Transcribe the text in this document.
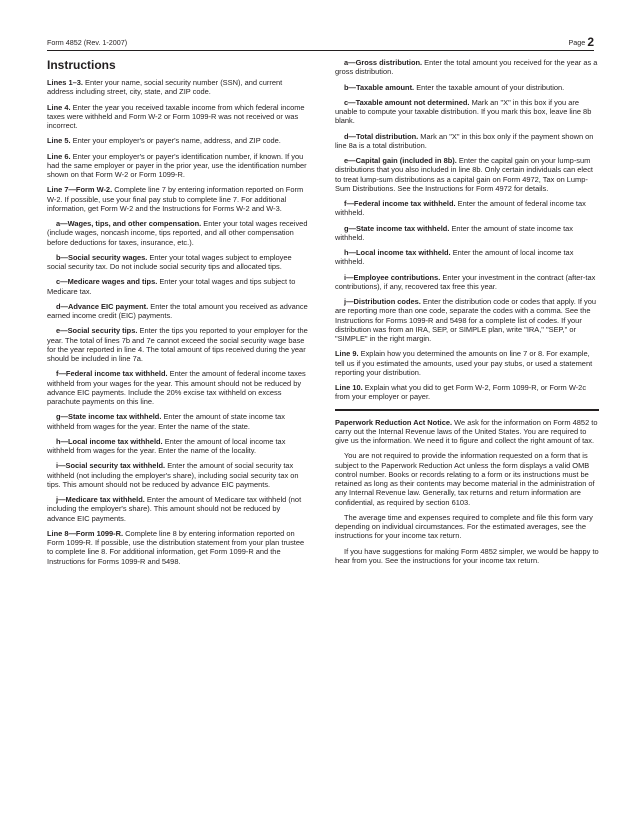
Form 4852 (Rev. 1-2007)	Page 2
Instructions

Lines 1–3. Enter your name, social security number (SSN), and current address including street, city, state, and ZIP code.

Line 4. Enter the year you received taxable income from which federal income taxes were withheld and Form W-2 or Form 1099-R was not received or was incorrect.

Line 5. Enter your employer's or payer's name, address, and ZIP code.

Line 6. Enter your employer's or payer's identification number, if known. If you had the same employer or payer in the prior year, use the identification number shown on that Form W-2 or Form 1099-R.

Line 7—Form W-2. Complete line 7 by entering information reported on Form W-2. If possible, use your final pay stub to complete line 7. For additional information, get Form W-2 and the Instructions for Forms W-2 and W-3.

a—Wages, tips, and other compensation. Enter your total wages received (include wages, noncash income, tips reported, and all other compensation before deductions for taxes, insurance, etc.).

b—Social security wages. Enter your total wages subject to employee social security tax. Do not include social security tips and allocated tips.

c—Medicare wages and tips. Enter your total wages and tips subject to Medicare tax.

d—Advance EIC payment. Enter the total amount you received as advance earned income credit (EIC) payments.

e—Social security tips. Enter the tips you reported to your employer for the year. The total of lines 7b and 7e cannot exceed the social security wage base for the year reported in line 4. The total amount of tips received during the year should be included in line 7a.

f—Federal income tax withheld. Enter the amount of federal income taxes withheld from your wages for the year. This amount should not be reduced by advance EIC payments. Include the 20% excise tax withheld on excess parachute payments on this line.

g—State income tax withheld. Enter the amount of state income tax withheld from wages for the year. Enter the name of the state.

h—Local income tax withheld. Enter the amount of local income tax withheld from wages for the year. Enter the name of the locality.

i—Social security tax withheld. Enter the amount of social security tax withheld (not including the employer's share), including social security tax on tips. This amount should not be reduced by advance EIC payments.

j—Medicare tax withheld. Enter the amount of Medicare tax withheld (not including the employer's share). This amount should not be reduced by advance EIC payments.

Line 8—Form 1099-R. Complete line 8 by entering information reported on Form 1099-R. If possible, use the distribution statement from your plan trustee to complete line 8. For additional information, get Form 1099-R and the Instructions for Forms 1099-R and 5498.

a—Gross distribution. Enter the total amount you received for the year as a gross distribution.

b—Taxable amount. Enter the taxable amount of your distribution.

c—Taxable amount not determined. Mark an "X" in this box if you are unable to compute your taxable distribution. If you mark this box, leave line 8b blank.

d—Total distribution. Mark an "X" in this box only if the payment shown on line 8a is a total distribution.

e—Capital gain (included in 8b). Enter the capital gain on your lump-sum distributions that you also included in line 8b. Only certain individuals can elect to treat lump-sum distributions as a capital gain on Form 4972, Tax on Lump-Sum Distributions. See the Instructions for Form 4972 for details.

f—Federal income tax withheld. Enter the amount of federal income tax withheld.

g—State income tax withheld. Enter the amount of state income tax withheld.

h—Local income tax withheld. Enter the amount of local income tax withheld.

i—Employee contributions. Enter your investment in the contract (after-tax contributions), if any, recovered tax free this year.

j—Distribution codes. Enter the distribution code or codes that apply. If you are reporting more than one code, separate the codes with a comma. See the Instructions for Forms 1099-R and 5498 for a complete list of codes. If your distribution was from an IRA, SEP, or SIMPLE plan, write "IRA," "SEP," or "SIMPLE" in the right margin.

Line 9. Explain how you determined the amounts on line 7 or 8. For example, tell us if you estimated the amounts, used your pay stubs, or used a statement reporting your distribution.

Line 10. Explain what you did to get Form W-2, Form 1099-R, or Form W-2c from your employer or payer.

Paperwork Reduction Act Notice. We ask for the information on Form 4852 to carry out the Internal Revenue laws of the United States. You are required to give us the information. We need it to figure and collect the right amount of tax.

You are not required to provide the information requested on a form that is subject to the Paperwork Reduction Act unless the form displays a valid OMB control number. Books or records relating to a form or its instructions must be retained as long as their contents may become material in the administration of any Internal Revenue law. Generally, tax returns and return information are confidential, as required by section 6103.

The average time and expenses required to complete and file this form vary depending on individual circumstances. For the estimated averages, see the instructions for your income tax return.

If you have suggestions for making Form 4852 simpler, we would be happy to hear from you. See the instructions for your income tax return.
